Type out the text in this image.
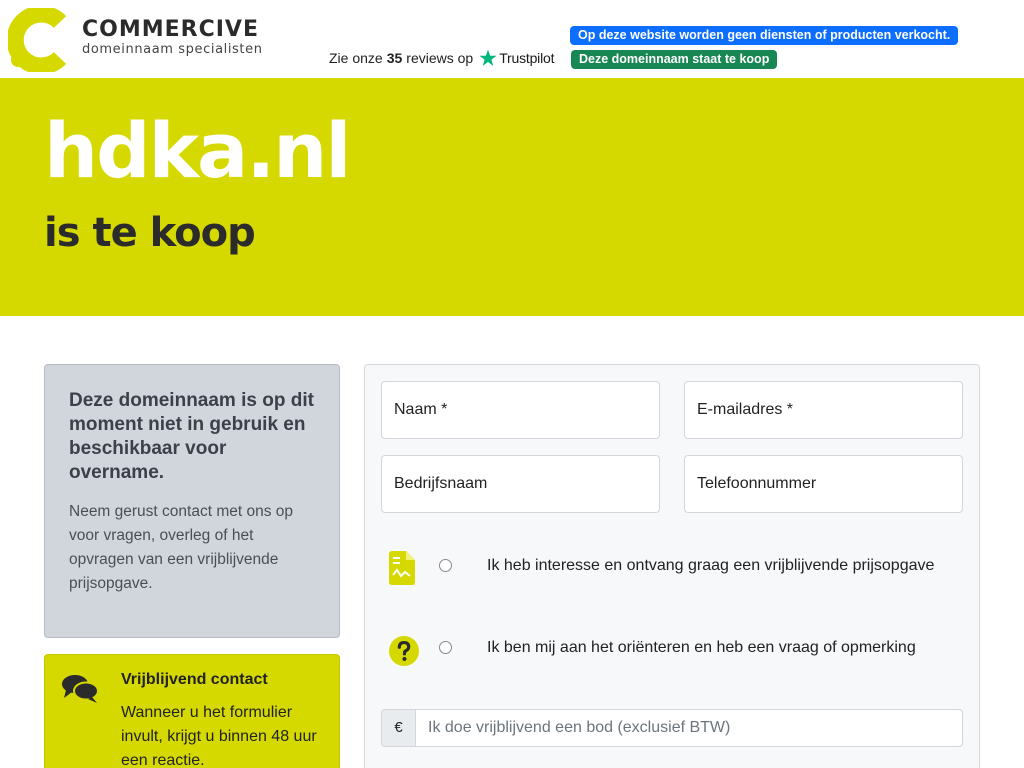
COMMERCIVE
domeinnaam specialisten
Zie onze 35 reviews op Trustpilot
Op deze website worden geen diensten of producten verkocht.
Deze domeinnaam staat te koop
hdka.nl
is te koop
Deze domeinnaam is op dit moment niet in gebruik en beschikbaar voor overname.
Neem gerust contact met ons op voor vragen, overleg of het opvragen van een vrijblijvende prijsopgave.
Vrijblijvend contact
Wanneer u het formulier invult, krijgt u binnen 48 uur een reactie.
Naam *	E-mailadres *
Bedrijfsnaam	Telefoonnummer
Ik heb interesse en ontvang graag een vrijblijvende prijsopgave
Ik ben mij aan het oriënteren en heb een vraag of opmerking
€	Ik doe vrijblijvend een bod (exclusief BTW)
